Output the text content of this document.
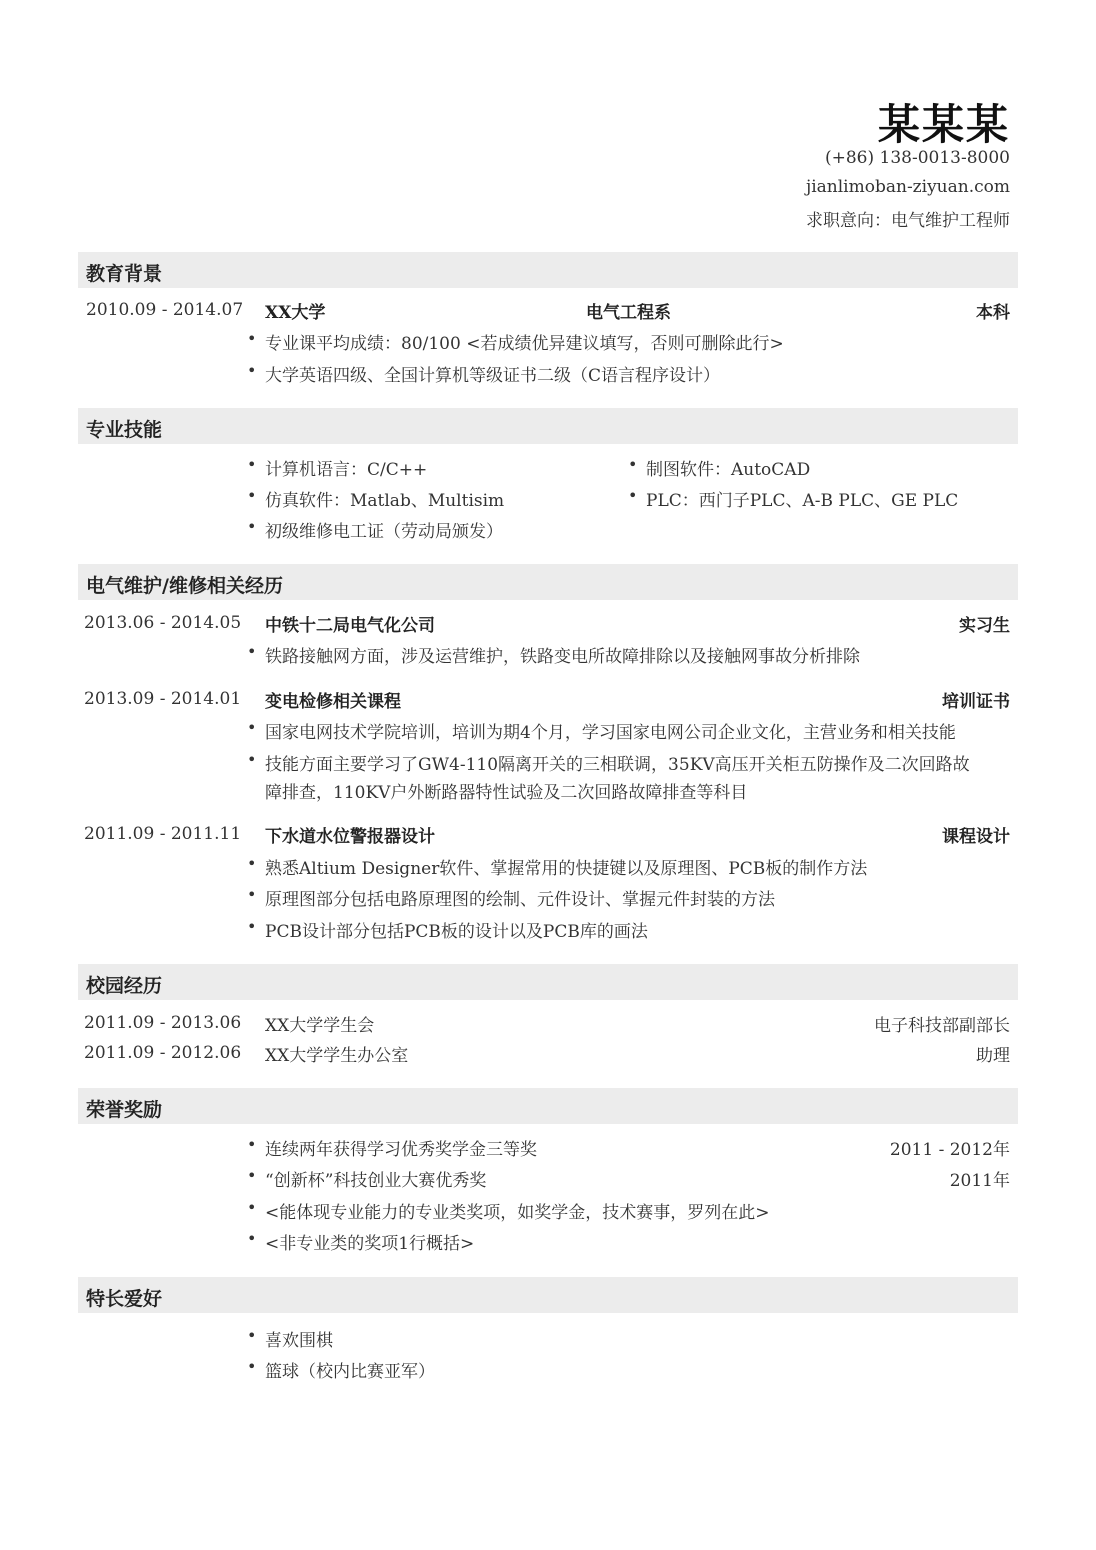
某某某
(+86) 138-0013-8000
jianlimoban-ziyuan.com
求职意向：电气维护工程师
教育背景
2010.09 - 2014.07 XX大学	电气工程系	本科
• 专业课平均成绩：80/100 <若成绩优异建议填写，否则可删除此行>
• 大学英语四级、全国计算机等级证书二级（C语言程序设计）
专业技能
• 计算机语言：C/C++
• 仿真软件：Matlab、Multisim
• 初级维修电工证（劳动局颁发）
• 制图软件：AutoCAD
• PLC：西门子PLC、A-B PLC、GE PLC
电气维护/维修相关经历
2013.06 - 2014.05 中铁十二局电气化公司	实习生
• 铁路接触网方面，涉及运营维护，铁路变电所故障排除以及接触网事故分析排除
2013.09 - 2014.01 变电检修相关课程	培训证书
• 国家电网技术学院培训，培训为期4个月，学习国家电网公司企业文化，主营业务和相关技能
• 技能方面主要学习了GW4-110隔离开关的三相联调，35KV高压开关柜五防操作及二次回路故
障排查，110KV户外断路器特性试验及二次回路故障排查等科目
2011.09 - 2011.11 下水道水位警报器设计	课程设计
• 熟悉Altium Designer软件、掌握常用的快捷键以及原理图、PCB板的制作方法
• 原理图部分包括电路原理图的绘制、元件设计、掌握元件封装的方法
• PCB设计部分包括PCB板的设计以及PCB库的画法
校园经历
2011.09 - 2013.06 XX大学学生会	电子科技部副部长
2011.09 - 2012.06 XX大学学生办公室	助理
荣誉奖励
• 连续两年获得学习优秀奖学金三等奖	2011 - 2012年
• “创新杯”科技创业大赛优秀奖	2011年
• <能体现专业能力的专业类奖项，如奖学金，技术赛事，罗列在此>
• <非专业类的奖项1行概括>
特长爱好
• 喜欢围棋
• 篮球（校内比赛亚军）
